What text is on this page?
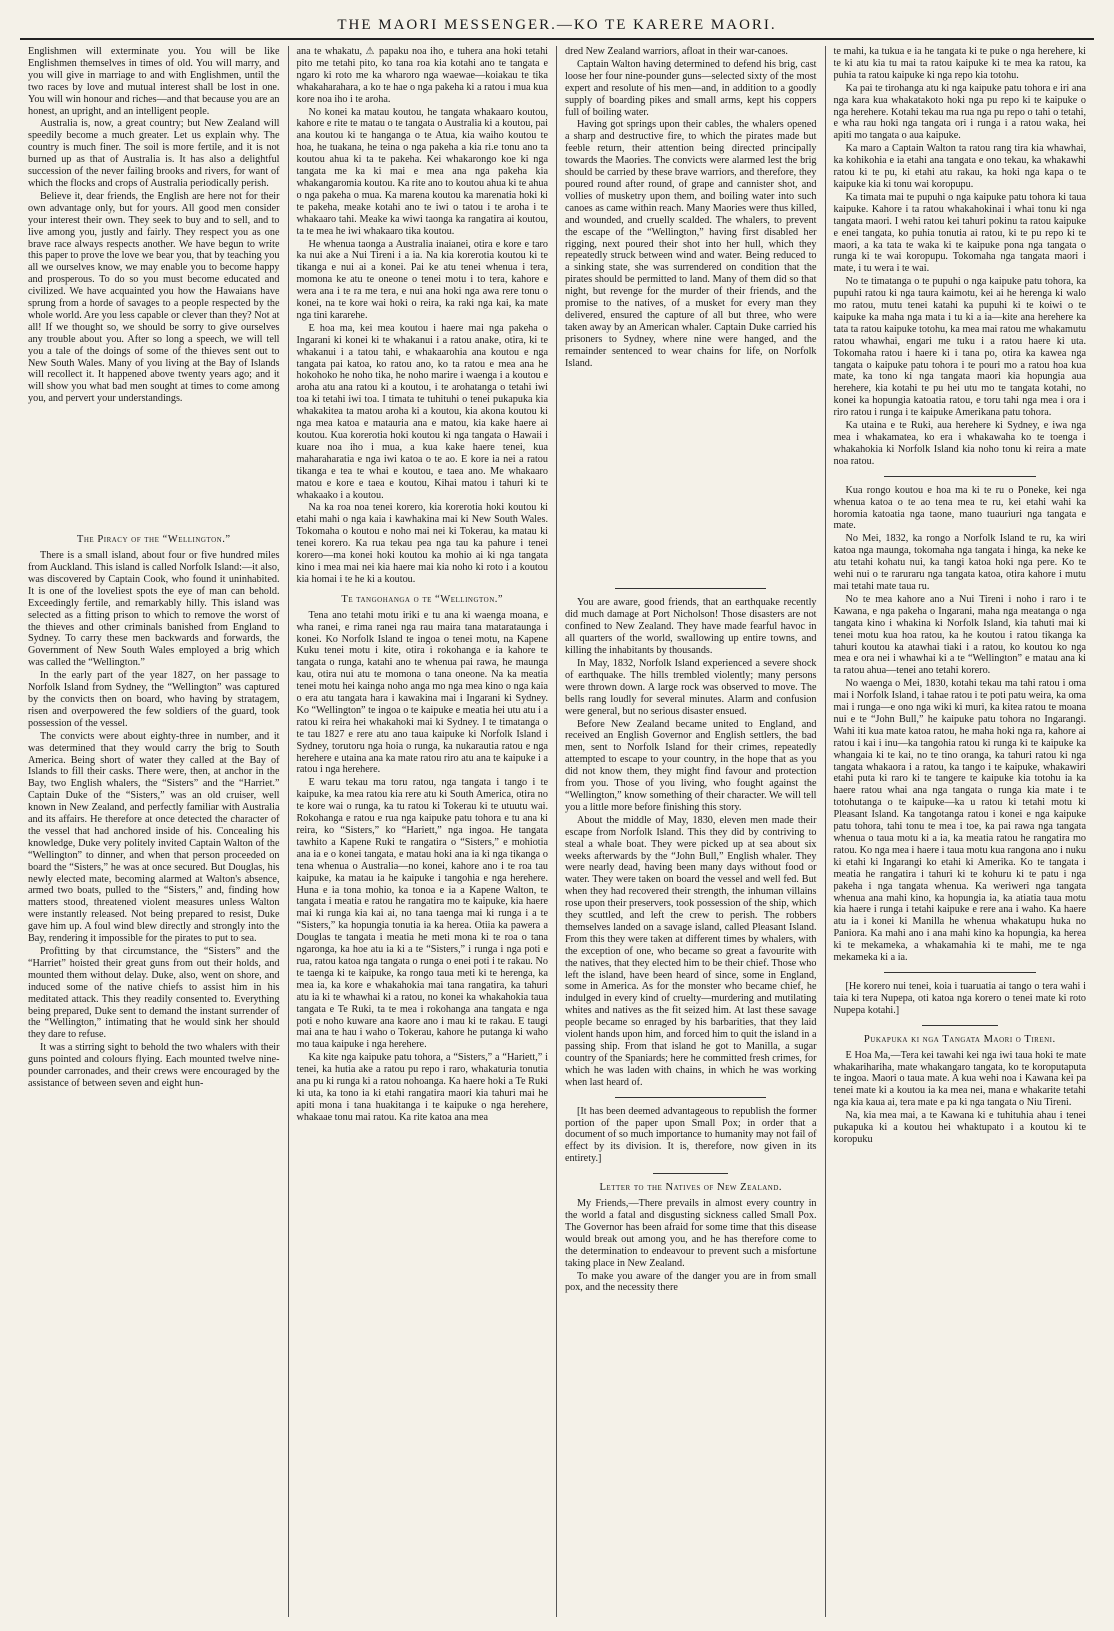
THE MAORI MESSENGER.—KO TE KARERE MAORI.

Englishmen will exterminate you. You will be like Englishmen themselves in times of old. You will marry, and you will give in marriage to and with Englishmen, until the two races by love and mutual interest shall be lost in one. You will win honour and riches—and that because you are an honest, an upright, and an intelligent people.

Australia is, now, a great country; but New Zealand will speedily become a much greater. Let us explain why. The country is much finer. The soil is more fertile, and it is not burned up as that of Australia is. It has also a delightful succession of the never failing brooks and rivers, for want of which the flocks and crops of Australia periodically perish.

Believe it, dear friends, the English are here not for their own advantage only, but for yours. All good men consider your interest their own. They seek to buy and to sell, and to live among you, justly and fairly. They respect you as one brave race always respects another. We have begun to write this paper to prove the love we bear you, that by teaching you all we ourselves know, we may enable you to become happy and prosperous. To do so you must become educated and civilized. We have acquainted you how the Hawaians have sprung from a horde of savages to a people respected by the whole world. Are you less capable or clever than they? Not at all! If we thought so, we should be sorry to give ourselves any trouble about you. After so long a speech, we will tell you a tale of the doings of some of the thieves sent out to New South Wales. Many of you living at the Bay of Islands will recollect it. It happened above twenty years ago; and it will show you what bad men sought at times to come among you, and pervert your understandings.

The Piracy of the “Wellington.”

There is a small island, about four or five hundred miles from Auckland. This island is called Norfolk Island:—it also, was discovered by Captain Cook, who found it uninhabited. It is one of the loveliest spots the eye of man can behold. Exceedingly fertile, and remarkably hilly. This island was selected as a fitting prison to which to remove the worst of the thieves and other criminals banished from England to Sydney. To carry these men backwards and forwards, the Government of New South Wales employed a brig which was called the “Wellington.”

In the early part of the year 1827, on her passage to Norfolk Island from Sydney, the “Wellington” was captured by the convicts then on board, who having by stratagem, risen and overpowered the few soldiers of the guard, took possession of the vessel.

The convicts were about eighty-three in number, and it was determined that they would carry the brig to South America. Being short of water they called at the Bay of Islands to fill their casks. There were, then, at anchor in the Bay, two English whalers, the “Sisters” and the “Harriet.” Captain Duke of the “Sisters,” was an old cruiser, well known in New Zealand, and perfectly familiar with Australia and its affairs. He therefore at once detected the character of the vessel that had anchored inside of his. Concealing his knowledge, Duke very politely invited Captain Walton of the “Wellington” to dinner, and when that person proceeded on board the “Sisters,” he was at once secured. But Douglas, his newly elected mate, becoming alarmed at Walton's absence, armed two boats, pulled to the “Sisters,” and, finding how matters stood, threatened violent measures unless Walton were instantly released. Not being prepared to resist, Duke gave him up. A foul wind blew directly and strongly into the Bay, rendering it impossible for the pirates to put to sea.

Profitting by that circumstance, the “Sisters” and the “Harriet” hoisted their great guns from out their holds, and mounted them without delay. Duke, also, went on shore, and induced some of the native chiefs to assist him in his meditated attack. This they readily consented to. Everything being prepared, Duke sent to demand the instant surrender of the “Wellington,” intimating that he would sink her should they dare to refuse.

It was a stirring sight to behold the two whalers with their guns pointed and colours flying. Each mounted twelve nine-pounder carronades, and their crews were encouraged by the assistance of between seven and eight hun-

ana te whakatu, ⚠ papaku noa iho, e tuhera ana hoki tetahi pito me tetahi pito, ko tana roa kia kotahi ano te tangata e ngaro ki roto me ka wharoro nga waewae—koiakau te tika whakaharahara, a ko te hae o nga pakeha ki a ratou i mua kua kore noa iho i te aroha.

No konei ka matau koutou, he tangata whakaaro koutou, kahore e rite te matau o te tangata o Australia ki a koutou, pai ana koutou ki te hanganga o te Atua, kia waiho koutou te hoa, he tuakana, he teina o nga pakeha a kia ri.e tonu ano ta koutou ahua ki ta te pakeha. Kei whakarongo koe ki nga tangata me ka ki mai e mea ana nga pakeha kia whakangaromia koutou. Ka rite ano to koutou ahua ki te ahua o nga pakeha o mua. Ka marena koutou ka marenatia hoki ki te pakeha, meake kotahi ano te iwi o tatou i te aroha i te whakaaro tahi. Meake ka wiwi taonga ka rangatira ai koutou, ta te mea he iwi whakaaro tika koutou.

He whenua taonga a Australia inaianei, otira e kore e taro ka nui ake a Nui Tireni i a ia. Na kia korerotia koutou ki te tikanga e nui ai a konei. Pai ke atu tenei whenua i tera, momona ke atu te oneone o tenei motu i to tera, kahore e wera ana i te ra me tera, e nui ana hoki nga awa rere tonu o konei, na te kore wai hoki o reira, ka raki nga kai, ka mate nga tini kararehe.

E hoa ma, kei mea koutou i haere mai nga pakeha o Ingarani ki konei ki te whakanui i a ratou anake, otira, ki te whakanui i a tatou tahi, e whakaarohia ana koutou e nga tangata pai katoa, ko ratou ano, ko ta ratou e mea ana he hokohoko he noho tika, he noho marire i waenga i a koutou e aroha atu ana ratou ki a koutou, i te arohatanga o tetahi iwi toa ki tetahi iwi toa. I timata te tuhituhi o tenei pukapuka kia whakakitea ta matou aroha ki a koutou, kia akona koutou ki nga mea katoa e matauria ana e matou, kia kake haere ai koutou. Kua korerotia hoki koutou ki nga tangata o Hawaii i kuare noa iho i mua, a kua kake haere tenei, kua maharaharatia e nga iwi katoa o te ao. E kore ia nei a ratou tikanga e tea te whai e koutou, e taea ano. Me whakaaro matou e kore e taea e koutou, Kihai matou i tahuri ki te whakaako i a koutou.

Na ka roa noa tenei korero, kia korerotia hoki koutou ki etahi mahi o nga kaia i kawhakina mai ki New South Wales. Tokomaha o koutou e noho mai nei ki Tokerau, ka matau ki tenei korero. Ka rua tekau pea nga tau ka pahure i tenei korero—ma konei hoki koutou ka mohio ai ki nga tangata kino i mea mai nei kia haere mai kia noho ki roto i a koutou kia homai i te he ki a koutou.

Te tangohanga o te “Wellington.”

Tena ano tetahi motu iriki e tu ana ki waenga moana, e wha ranei, e rima ranei nga rau maira tana matarataunga i konei. Ko Norfolk Island te ingoa o tenei motu, na Kapene Kuku tenei motu i kite, otira i rokohanga e ia kahore te tangata o runga, katahi ano te whenua pai rawa, he maunga kau, otira nui atu te momona o tana oneone. Na ka meatia tenei motu hei kainga noho anga mo nga mea kino o nga kaia o era atu tangata hara i kawakina mai i Ingarani ki Sydney. Ko “Wellington” te ingoa o te kaipuke e meatia hei utu atu i a ratou ki reira hei whakahoki mai ki Sydney. I te timatanga o te tau 1827 e rere atu ano taua kaipuke ki Norfolk Island i Sydney, torutoru nga hoia o runga, ka nukarautia ratou e nga herehere e utaina ana ka mate ratou riro atu ana te kaipuke i a ratou i nga herehere.

E waru tekau ma toru ratou, nga tangata i tango i te kaipuke, ka mea ratou kia rere atu ki South America, otira no te kore wai o runga, ka tu ratou ki Tokerau ki te utuutu wai. Rokohanga e ratou e rua nga kaipuke patu tohora e tu ana ki reira, ko “Sisters,” ko “Hariett,” nga ingoa. He tangata tawhito a Kapene Ruki te rangatira o “Sisters,” e mohiotia ana ia e o konei tangata, e matau hoki ana ia ki nga tikanga o tena whenua o Australia—no konei, kahore ano i te roa tau kaipuke, ka matau ia he kaipuke i tangohia e nga herehere. Huna e ia tona mohio, ka tonoa e ia a Kapene Walton, te tangata i meatia e ratou he rangatira mo te kaipuke, kia haere mai ki runga kia kai ai, no tana taenga mai ki runga i a te “Sisters,” ka hopungia tonutia ia ka herea. Otiia ka pawera a Douglas te tangata i meatia he meti mona ki te roa o tana ngaronga, ka hoe atu ia ki a te “Sisters,” i runga i nga poti e rua, ratou katoa nga tangata o runga o enei poti i te rakau. No te taenga ki te kaipuke, ka rongo taua meti ki te herenga, ka mea ia, ka kore e whakahokia mai tana rangatira, ka tahuri atu ia ki te whawhai ki a ratou, no konei ka whakahokia taua tangata e Te Ruki, ta te mea i rokohanga ana tangata e nga poti e noho kuware ana kaore ano i mau ki te rakau. E taugi mai ana te hau i waho o Tokerau, kahore he putanga ki waho mo taua kaipuke i nga herehere.

Ka kite nga kaipuke patu tohora, a “Sisters,” a “Hariett,” i tenei, ka hutia ake a ratou pu repo i raro, whakaturia tonutia ana pu ki runga ki a ratou nohoanga. Ka haere hoki a Te Ruki ki uta, ka tono ia ki etahi rangatira maori kia tahuri mai he apiti mona i tana huakitanga i te kaipuke o nga herehere, whakaae tonu mai ratou. Ka rite katoa ana mea

dred New Zealand warriors, afloat in their war-canoes.

Captain Walton having determined to defend his brig, cast loose her four nine-pounder guns—selected sixty of the most expert and resolute of his men—and, in addition to a goodly supply of boarding pikes and small arms, kept his coppers full of boiling water.

Having got springs upon their cables, the whalers opened a sharp and destructive fire, to which the pirates made but feeble return, their attention being directed principally towards the Maories. The convicts were alarmed lest the brig should be carried by these brave warriors, and therefore, they poured round after round, of grape and cannister shot, and vollies of musketry upon them, and boiling water into such canoes as came within reach. Many Maories were thus killed, and wounded, and cruelly scalded. The whalers, to prevent the escape of the “Wellington,” having first disabled her rigging, next poured their shot into her hull, which they repeatedly struck between wind and water. Being reduced to a sinking state, she was surrendered on condition that the pirates should be permitted to land. Many of them did so that night, but revenge for the murder of their friends, and the promise to the natives, of a musket for every man they delivered, ensured the capture of all but three, who were taken away by an American whaler. Captain Duke carried his prisoners to Sydney, where nine were hanged, and the remainder sentenced to wear chains for life, on Norfolk Island.

You are aware, good friends, that an earthquake recently did much damage at Port Nicholson! Those disasters are not confined to New Zealand. They have made fearful havoc in all quarters of the world, swallowing up entire towns, and killing the inhabitants by thousands.

In May, 1832, Norfolk Island experienced a severe shock of earthquake. The hills trembled violently; many persons were thrown down. A large rock was observed to move. The bells rang loudly for several minutes. Alarm and confusion were general, but no serious disaster ensued.

Before New Zealand became united to England, and received an English Governor and English settlers, the bad men, sent to Norfolk Island for their crimes, repeatedly attempted to escape to your country, in the hope that as you did not know them, they might find favour and protection from you. Those of you living, who fought against the “Wellington,” know something of their character. We will tell you a little more before finishing this story.

About the middle of May, 1830, eleven men made their escape from Norfolk Island. This they did by contriving to steal a whale boat. They were picked up at sea about six weeks afterwards by the “John Bull,” English whaler. They were nearly dead, having been many days without food or water. They were taken on board the vessel and well fed. But when they had recovered their strength, the inhuman villains rose upon their preservers, took possession of the ship, which they scuttled, and left the crew to perish. The robbers themselves landed on a savage island, called Pleasant Island. From this they were taken at different times by whalers, with the exception of one, who became so great a favourite with the natives, that they elected him to be their chief. Those who left the island, have been heard of since, some in England, some in America. As for the monster who became chief, he indulged in every kind of cruelty—murdering and mutilating whites and natives as the fit seized him. At last these savage people became so enraged by his barbarities, that they laid violent hands upon him, and forced him to quit the island in a passing ship. From that island he got to Manilla, a sugar country of the Spaniards; here he committed fresh crimes, for which he was laden with chains, in which he was working when last heard of.

[It has been deemed advantageous to republish the former portion of the paper upon Small Pox; in order that a document of so much importance to humanity may not fail of effect by its division. It is, therefore, now given in its entirety.]

Letter to the Natives of New Zealand.

My Friends,—There prevails in almost every country in the world a fatal and disgusting sickness called Small Pox. The Governor has been afraid for some time that this disease would break out among you, and he has therefore come to the determination to endeavour to prevent such a misfortune taking place in New Zealand.

To make you aware of the danger you are in from small pox, and the necessity there

te mahi, ka tukua e ia he tangata ki te puke o nga herehere, ki te ki atu kia tu mai ta ratou kaipuke ki te mea ka ratou, ka puhia ta ratou kaipuke ki nga repo kia totohu.

Ka pai te tirohanga atu ki nga kaipuke patu tohora e iri ana nga kara kua whakatakoto hoki nga pu repo ki te kaipuke o nga herehere. Kotahi tekau ma rua nga pu repo o tahi o tetahi, e wha rau hoki nga tangata ori i runga i a ratou waka, hei apiti mo tangata o aua kaipuke.

Ka maro a Captain Walton ta ratou rang tira kia whawhai, ka kohikohia e ia etahi ana tangata e ono tekau, ka whakawhi ratou ki te pu, ki etahi atu rakau, ka hoki nga kapa o te kaipuke kia ki tonu wai koropupu.

Ka timata mai te pupuhi o nga kaipuke patu tohora ki taua kaipuke. Kahore i ta ratou whakahokinai i whai tonu ki nga tangata maori. I wehi ratou kei tahuri pokinu ta ratou kaipuke e enei tangata, ko puhia tonutia ai ratou, ki te pu repo ki te maori, a ka tata te waka ki te kaipuke pona nga tangata o runga ki te wai koropupu. Tokomaha nga tangata maori i mate, i tu wera i te wai.

No te timatanga o te pupuhi o nga kaipuke patu tohora, ka pupuhi ratou ki nga taura kaimotu, kei ai he herenga ki walo mo ratou, mutu tenei katahi ka pupuhi ki te koiwi o te kaipuke ka maha nga mata i tu ki a ia—kite ana herehere ka tata ta ratou kaipuke totohu, ka mea mai ratou me whakamutu ratou whawhai, engari me tuku i a ratou haere ki uta. Tokomaha ratou i haere ki i tana po, otira ka kawea nga tangata o kaipuke patu tohora i te pouri mo a ratou hoa kua mate, ka tono ki nga tangata maori kia hopungia aua herehere, kia kotahi te pu hei utu mo te tangata kotahi, no konei ka hopungia katoatia ratou, e toru tahi nga mea i ora i riro ratou i runga i te kaipuke Amerikana patu tohora.

Ka utaina e te Ruki, aua herehere ki Sydney, e iwa nga mea i whakamatea, ko era i whakawaha ko te toenga i whakahokia ki Norfolk Island kia noho tonu ki reira a mate noa ratou.

Kua rongo koutou e hoa ma ki te ru o Poneke, kei nga whenua katoa o te ao tena mea te ru, kei etahi wahi ka horomia katoatia nga taone, mano tuauriuri nga tangata e mate.

No Mei, 1832, ka rongo a Norfolk Island te ru, ka wiri katoa nga maunga, tokomaha nga tangata i hinga, ka neke ke atu tetahi kohatu nui, ka tangi katoa hoki nga pere. Ko te wehi nui o te raruraru nga tangata katoa, otira kahore i mutu mai tetahi mate taua ru.

No te mea kahore ano a Nui Tireni i noho i raro i te Kawana, e nga pakeha o Ingarani, maha nga meatanga o nga tangata kino i whakina ki Norfolk Island, kia tahuti mai ki tenei motu kua hoa ratou, ka he koutou i ratou tikanga ka tahuri koutou ka atawhai tiaki i a ratou, ko koutou ko nga mea e ora nei i whawhai ki a te “Wellington” e matau ana ki ta ratou ahua—tenei ano tetahi korero.

No waenga o Mei, 1830, kotahi tekau ma tahi ratou i oma mai i Norfolk Island, i tahae ratou i te poti patu weira, ka oma mai i runga—e ono nga wiki ki muri, ka kitea ratou te moana nui e te “John Bull,” he kaipuke patu tohora no Ingarangi. Wahi iti kua mate katoa ratou, he maha hoki nga ra, kahore ai ratou i kai i inu—ka tangohia ratou ki runga ki te kaipuke ka whangaia ki te kai, no te tino oranga, ka tahuri ratou ki nga tangata whakaora i a ratou, ka tango i te kaipuke, whakawiri etahi puta ki raro ki te tangere te kaipuke kia totohu ia ka haere ratou whai ana nga tangata o runga kia mate i te totohutanga o te kaipuke—ka u ratou ki tetahi motu ki Pleasant Island. Ka tangotanga ratou i konei e nga kaipuke patu tohora, tahi tonu te mea i toe, ka pai rawa nga tangata whenua o taua motu ki a ia, ka meatia ratou he rangatira mo ratou. Ko nga mea i haere i taua motu kua rangona ano i nuku ki etahi ki Ingarangi ko etahi ki Amerika. Ko te tangata i meatia he rangatira i tahuri ki te kohuru ki te patu i nga pakeha i nga tangata whenua. Ka weriweri nga tangata whenua ana mahi kino, ka hopungia ia, ka atiatia taua motu kia haere i runga i tetahi kaipuke e rere ana i waho. Ka haere atu ia i konei ki Manilla he whenua whakatupu huka no Paniora. Ka mahi ano i ana mahi kino ka hopungia, ka herea ki te mekameka, a whakamahia ki te mahi, me te nga mekameka ki a ia.

[He korero nui tenei, koia i tuaruatia ai tango o tera wahi i taia ki tera Nupepa, oti katoa nga korero o tenei mate ki roto Nupepa kotahi.]

Pukapuka ki nga Tangata Maori o Tireni.

E Hoa Ma,—Tera kei tawahi kei nga iwi taua hoki te mate whakarihariha, mate whakangaro tangata, ko te koroputaputa te ingoa. Maori o taua mate. A kua wehi noa i Kawana kei pa tenei mate ki a koutou ia ka mea nei, mana e whakarite tetahi nga kia kaua ai, tera mate e pa ki nga tangata o Niu Tireni.

Na, kia mea mai, a te Kawana ki e tuhituhia ahau i tenei pukapuka ki a koutou hei whaktupato i a koutou ki te koropuku
